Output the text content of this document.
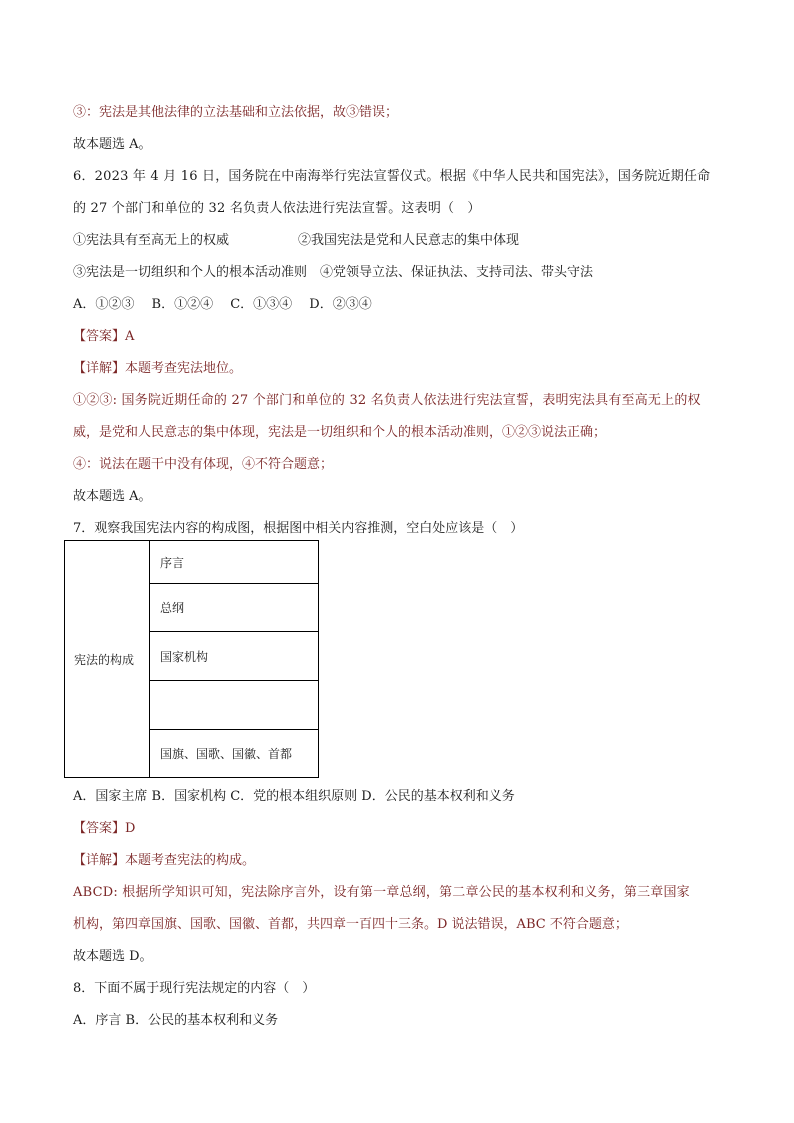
③：宪法是其他法律的立法基础和立法依据，故③错误；
故本题选 A。
6．2023 年 4 月 16 日，国务院在中南海举行宪法宣誓仪式。根据《中华人民共和国宪法》，国务院近期任命
的 27 个部门和单位的 32 名负责人依法进行宪法宣誓。这表明（　）
①宪法具有至高无上的权威	②我国宪法是党和人民意志的集中体现
③宪法是一切组织和个人的根本活动准则　④党领导立法、保证执法、支持司法、带头守法
A．①②③　 B．①②④　 C．①③④　 D．②③④
【答案】A
【详解】本题考查宪法地位。
①②③: 国务院近期任命的 27 个部门和单位的 32 名负责人依法进行宪法宣誓，表明宪法具有至高无上的权
威，是党和人民意志的集中体现，宪法是一切组织和个人的根本活动准则，①②③说法正确；
④：说法在题干中没有体现，④不符合题意；
故本题选 A。
7．观察我国宪法内容的构成图，根据图中相关内容推测，空白处应该是（　）
宪法的构成	序言
总纲
国家机构

国旗、国歌、国徽、首都
A．国家主席 B．国家机构 C．党的根本组织原则 D．公民的基本权利和义务
【答案】D
【详解】本题考查宪法的构成。
ABCD: 根据所学知识可知，宪法除序言外，设有第一章总纲，第二章公民的基本权利和义务，第三章国家
机构，第四章国旗、国歌、国徽、首都，共四章一百四十三条。D 说法错误，ABC 不符合题意；
故本题选 D。
8．下面不属于现行宪法规定的内容（　）
A．序言 B．公民的基本权利和义务
